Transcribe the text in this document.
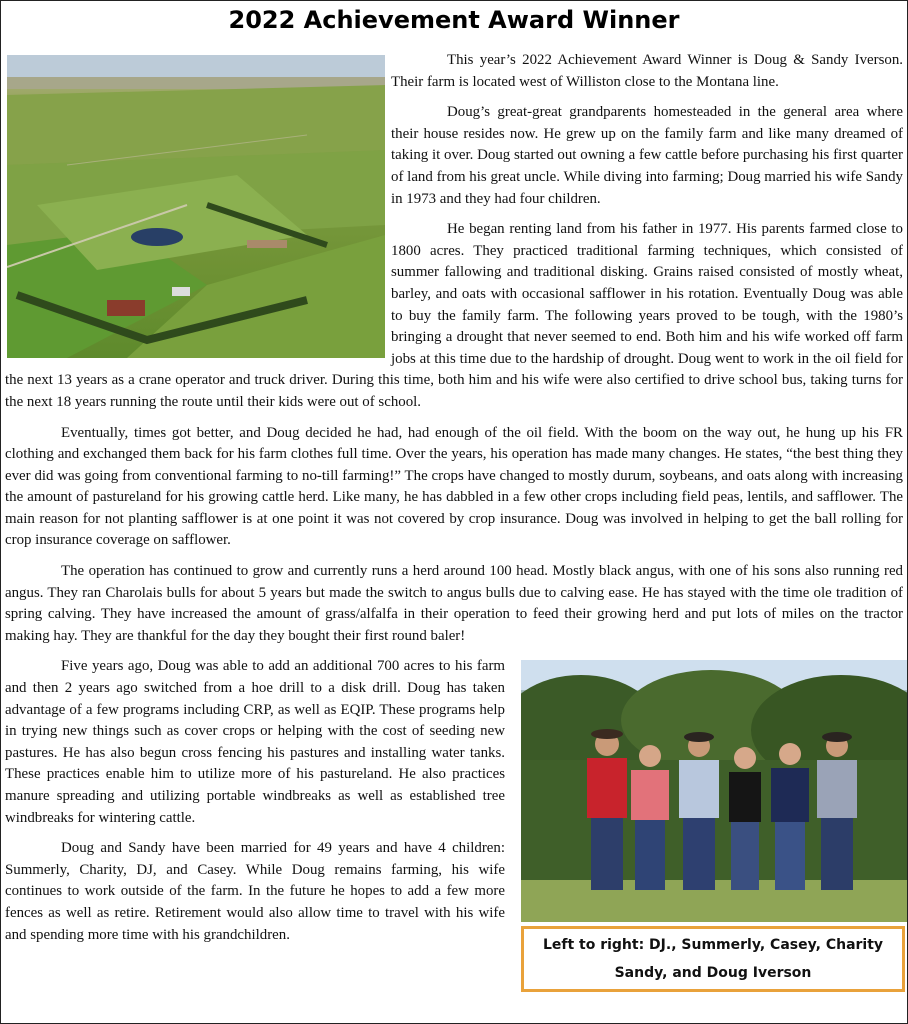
2022 Achievement Award Winner

This year’s 2022 Achievement Award Winner is Doug & Sandy Iverson. Their farm is located west of Williston close to the Montana line.

Doug’s great-great grandparents homesteaded in the general area where their house resides now. He grew up on the family farm and like many dreamed of taking it over. Doug started out owning a few cattle before purchasing his first quarter of land from his great uncle. While diving into farming; Doug married his wife Sandy in 1973 and they had four children.

He began renting land from his father in 1977. His parents farmed close to 1800 acres. They practiced traditional farming techniques, which consisted of summer fallowing and traditional disking. Grains raised consisted of mostly wheat, barley, and oats with occasional safflower in his rotation. Eventually Doug was able to buy the family farm. The following years proved to be tough, with the 1980’s bringing a drought that never seemed to end. Both him and his wife worked off farm jobs at this time due to the hardship of drought. Doug went to work in the oil field for the next 13 years as a crane operator and truck driver. During this time, both him and his wife were also certified to drive school bus, taking turns for the next 18 years running the route until their kids were out of school.

Eventually, times got better, and Doug decided he had, had enough of the oil field. With the boom on the way out, he hung up his FR clothing and exchanged them back for his farm clothes full time. Over the years, his operation has made many changes. He states, “the best thing they ever did was going from conventional farming to no-till farming!” The crops have changed to mostly durum, soybeans, and oats along with increasing the amount of pastureland for his growing cattle herd. Like many, he has dabbled in a few other crops including field peas, lentils, and safflower. The main reason for not planting safflower is at one point it was not covered by crop insurance. Doug was involved in helping to get the ball rolling for crop insurance coverage on safflower.

The operation has continued to grow and currently runs a herd around 100 head. Mostly black angus, with one of his sons also running red angus. They ran Charolais bulls for about 5 years but made the switch to angus bulls due to calving ease. He has stayed with the time ole tradition of spring calving. They have increased the amount of grass/alfalfa in their operation to feed their growing herd and put lots of miles on the tractor making hay. They are thankful for the day they bought their first round baler!

Left to right: DJ., Summerly, Casey, Charity
Sandy, and Doug Iverson

Five years ago, Doug was able to add an additional 700 acres to his farm and then 2 years ago switched from a hoe drill to a disk drill. Doug has taken advantage of a few programs including CRP, as well as EQIP. These programs help in trying new things such as cover crops or helping with the cost of seeding new pastures. He has also begun cross fencing his pastures and installing water tanks. These practices enable him to utilize more of his pastureland. He also practices manure spreading and utilizing portable windbreaks as well as established tree windbreaks for wintering cattle.

Doug and Sandy have been married for 49 years and have 4 children: Summerly, Charity, DJ, and Casey. While Doug remains farming, his wife continues to work outside of the farm. In the future he hopes to add a few more fences as well as retire. Retirement would also allow time to travel with his wife and spending more time with his grandchildren.
